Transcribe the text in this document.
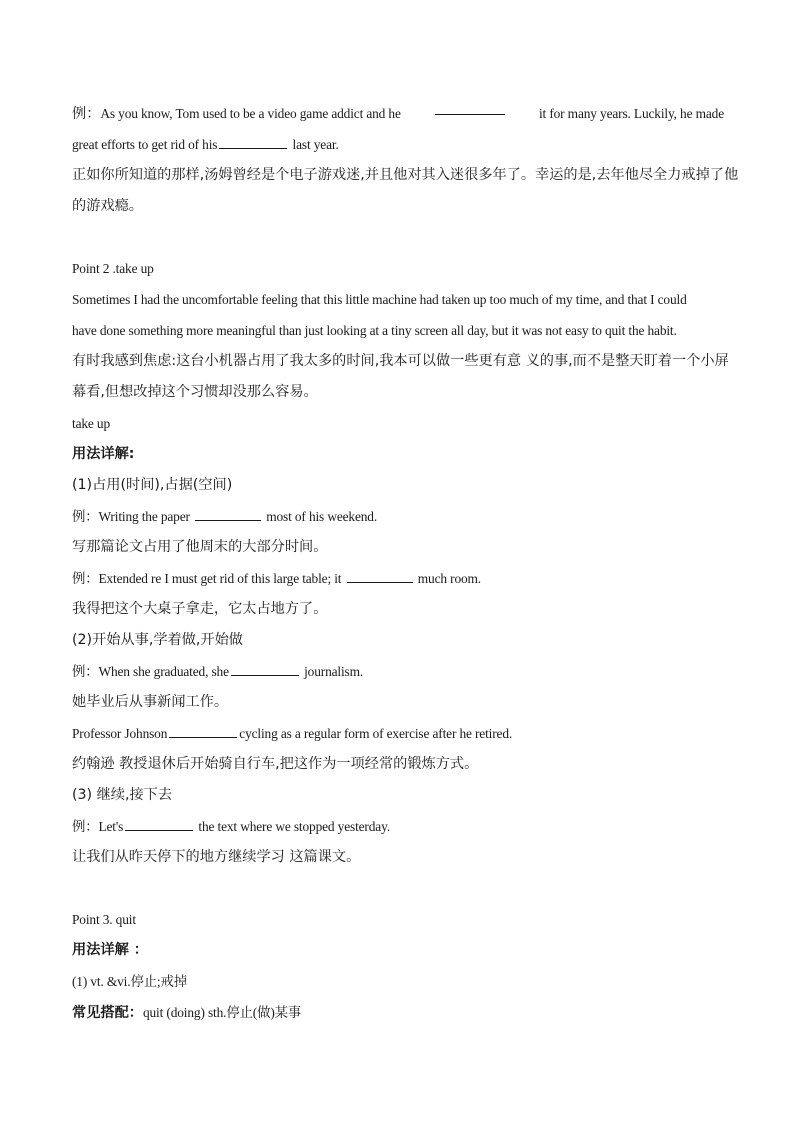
例：As you know, Tom used to be a video game addict and he	it for many years. Luckily, he made
great efforts to get rid of his	last year.
正如你所知道的那样,汤姆曾经是个电子游戏迷,并且他对其入迷很多年了。幸运的是,去年他尽全力戒掉了他
的游戏瘾。
Point 2 .take up
Sometimes I had the uncomfortable feeling that this little machine had taken up too much of my time, and that I could
have done something more meaningful than just looking at a tiny screen all day, but it was not easy to quit the habit.
有时我感到焦虑:这台小机器占用了我太多的时间,我本可以做一些更有意 义的事,而不是整天盯着一个小屏
幕看,但想改掉这个习惯却没那么容易。
take up
用法详解:
(1)占用(时间),占据(空间)
例：Writing the paper	most of his weekend.
写那篇论文占用了他周末的大部分时间。
例：Extended re I must get rid of this large table; it	much room.
我得把这个大桌子拿走，它太占地方了。
(2)开始从事,学着做,开始做
例：When she graduated, she	journalism.
她毕业后从事新闻工作。
Professor Johnson	cycling as a regular form of exercise after he retired.
约翰逊 教授退休后开始骑自行车,把这作为一项经常的锻炼方式。
(3) 继续,接下去
例：Let's	the text where we stopped yesterday.
让我们从昨天停下的地方继续学习 这篇课文。
Point 3. quit
用法详解 ：
(1) vt. &vi.停止;戒掉
常见搭配：quit (doing) sth.停止(做)某事
